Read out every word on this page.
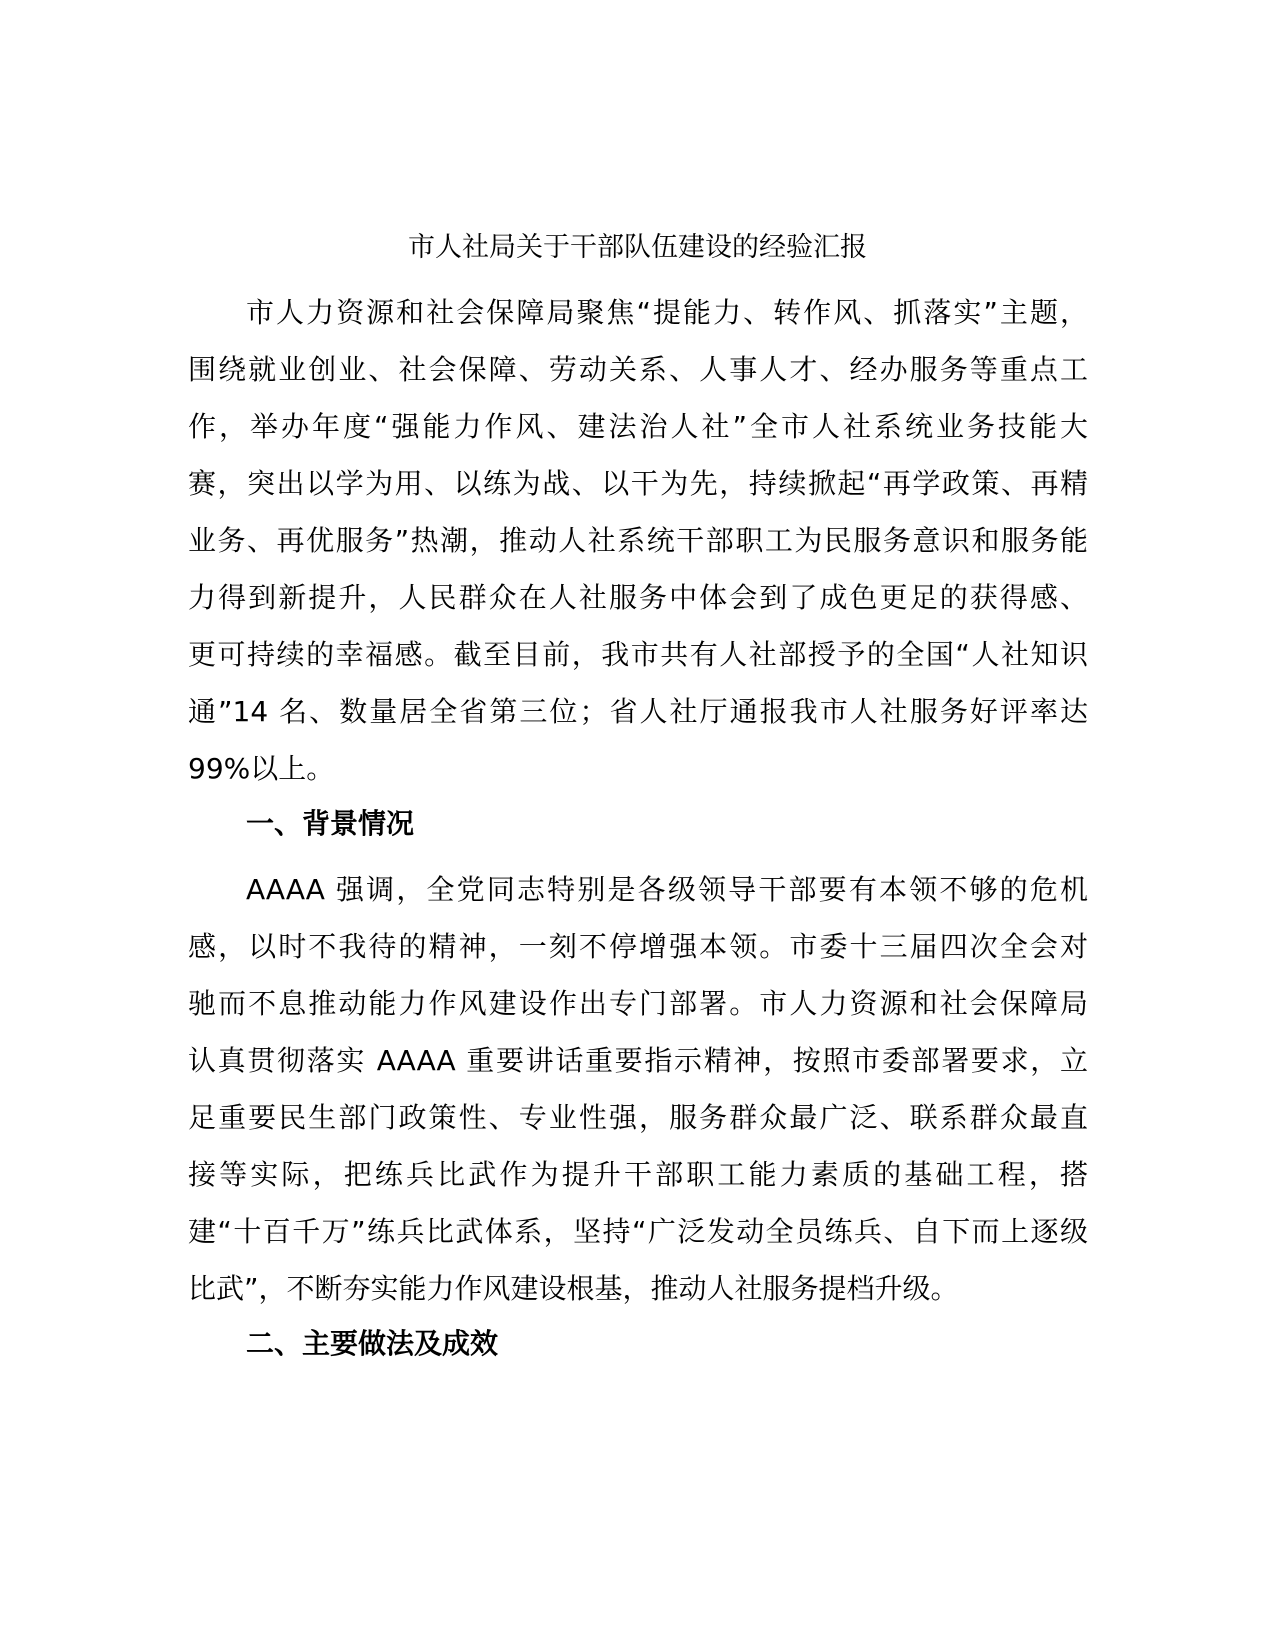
市人社局关于干部队伍建设的经验汇报
市人力资源和社会保障局聚焦“提能力、转作风、抓落实”主题，
围绕就业创业、社会保障、劳动关系、人事人才、经办服务等重点工
作，举办年度“强能力作风、建法治人社”全市人社系统业务技能大
赛，突出以学为用、以练为战、以干为先，持续掀起“再学政策、再精
业务、再优服务”热潮，推动人社系统干部职工为民服务意识和服务能
力得到新提升，人民群众在人社服务中体会到了成色更足的获得感、
更可持续的幸福感。截至目前，我市共有人社部授予的全国“人社知识
通”14 名、数量居全省第三位；省人社厅通报我市人社服务好评率达
99%以上。
一、背景情况
AAAA 强调，全党同志特别是各级领导干部要有本领不够的危机
感，以时不我待的精神，一刻不停增强本领。市委十三届四次全会对
驰而不息推动能力作风建设作出专门部署。市人力资源和社会保障局
认真贯彻落实 AAAA 重要讲话重要指示精神，按照市委部署要求，立
足重要民生部门政策性、专业性强，服务群众最广泛、联系群众最直
接等实际，把练兵比武作为提升干部职工能力素质的基础工程，搭
建“十百千万”练兵比武体系，坚持“广泛发动全员练兵、自下而上逐级
比武”，不断夯实能力作风建设根基，推动人社服务提档升级。
二、主要做法及成效
